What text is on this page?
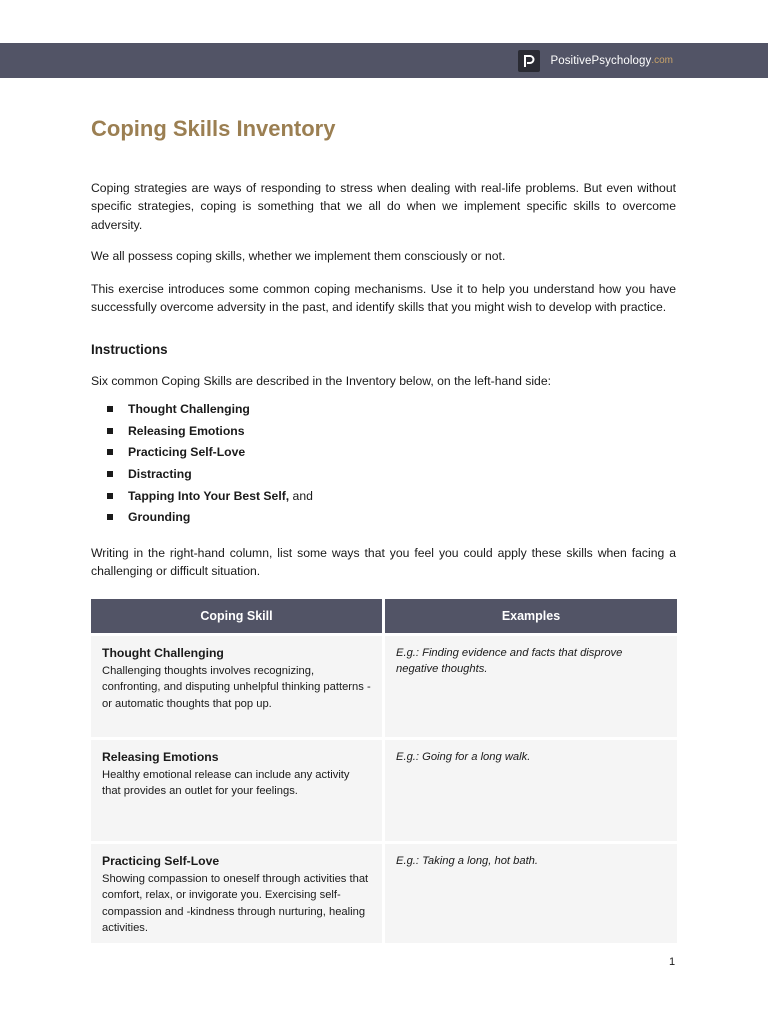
PositivePsychology .com
Coping Skills Inventory

Coping strategies are ways of responding to stress when dealing with real-life problems. But even without specific strategies, coping is something that we all do when we implement specific skills to overcome adversity.

We all possess coping skills, whether we implement them consciously or not.

This exercise introduces some common coping mechanisms. Use it to help you understand how you have successfully overcome adversity in the past, and identify skills that you might wish to develop with practice.

Instructions

Six common Coping Skills are described in the Inventory below, on the left-hand side:

Thought Challenging
Releasing Emotions
Practicing Self-Love
Distracting
Tapping Into Your Best Self, and
Grounding

Writing in the right-hand column, list some ways that you feel you could apply these skills when facing a challenging or difficult situation.

Coping Skill	Examples

Thought Challenging
Challenging thoughts involves recognizing, confronting, and disputing unhelpful thinking patterns - or automatic thoughts that pop up.	E.g.: Finding evidence and facts that disprove negative thoughts.

Releasing Emotions
Healthy emotional release can include any activity that provides an outlet for your feelings.	E.g.: Going for a long walk.

Practicing Self-Love
Showing compassion to oneself through activities that comfort, relax, or invigorate you. Exercising self-compassion and -kindness through nurturing, healing activities.	E.g.: Taking a long, hot bath.
1
